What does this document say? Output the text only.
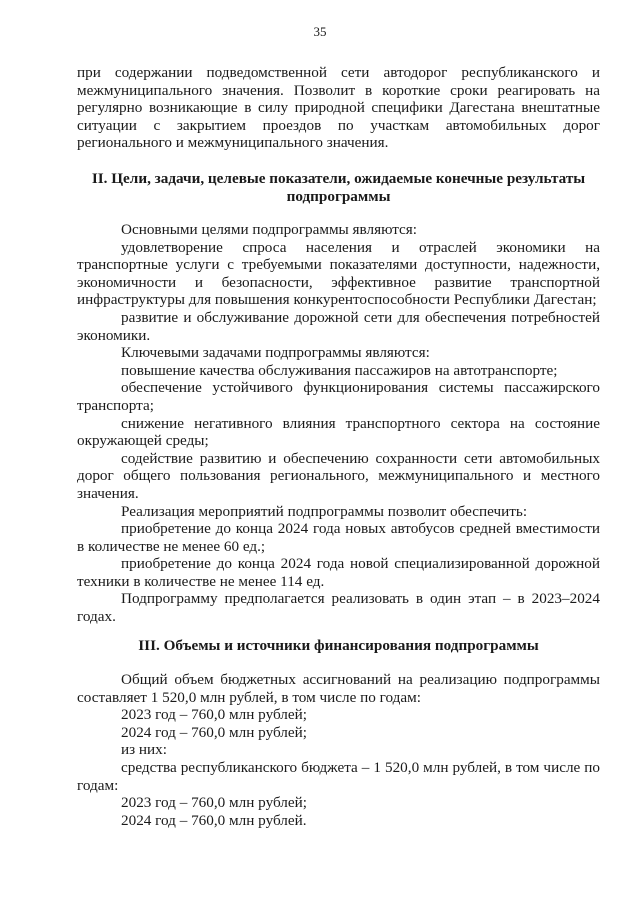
35

при содержании подведомственной сети автодорог республиканского и межмуниципального значения. Позволит в короткие сроки реагировать на регулярно возникающие в силу природной специфики Дагестана внештатные ситуации с закрытием проездов по участкам автомобильных дорог регионального и межмуниципального значения.

II. Цели, задачи, целевые показатели, ожидаемые конечные результаты подпрограммы

Основными целями подпрограммы являются:

удовлетворение спроса населения и отраслей экономики на транспортные услуги с требуемыми показателями доступности, надежности, экономичности и безопасности, эффективное развитие транспортной инфраструктуры для повышения конкурентоспособности Республики Дагестан;

развитие и обслуживание дорожной сети для обеспечения потребностей экономики.

Ключевыми задачами подпрограммы являются:

повышение качества обслуживания пассажиров на автотранспорте;

обеспечение устойчивого функционирования системы пассажирского транспорта;

снижение негативного влияния транспортного сектора на состояние окружающей среды;

содействие развитию и обеспечению сохранности сети автомобильных дорог общего пользования регионального, межмуниципального и местного значения.

Реализация мероприятий подпрограммы позволит обеспечить:

приобретение до конца 2024 года новых автобусов средней вместимости в количестве не менее 60 ед.;

приобретение до конца 2024 года новой специализированной дорожной техники в количестве не менее 114 ед.

Подпрограмму предполагается реализовать в один этап – в 2023–2024 годах.

III. Объемы и источники финансирования подпрограммы

Общий объем бюджетных ассигнований на реализацию подпрограммы составляет 1 520,0 млн рублей, в том числе по годам:

2023 год – 760,0 млн рублей;

2024 год – 760,0 млн рублей;

из них:

средства республиканского бюджета – 1 520,0 млн рублей, в том числе по годам:

2023 год – 760,0 млн рублей;

2024 год – 760,0 млн рублей.
